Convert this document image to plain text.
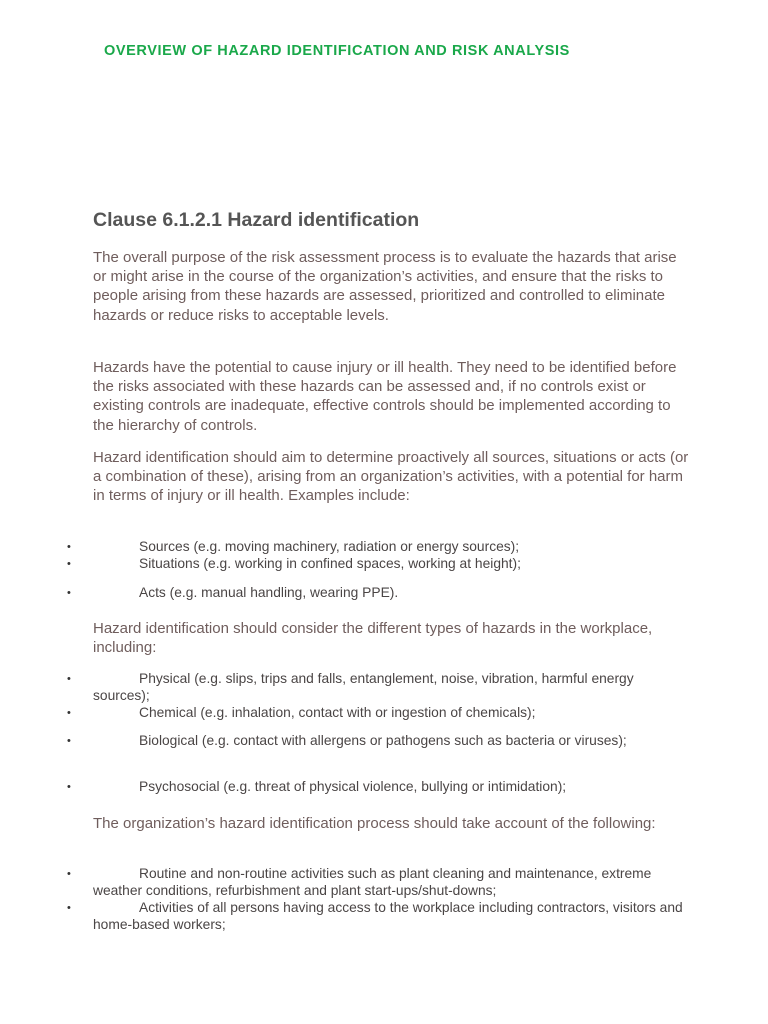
OVERVIEW OF HAZARD IDENTIFICATION AND RISK ANALYSIS
Clause 6.1.2.1 Hazard identification

The overall purpose of the risk assessment process is to evaluate the hazards that arise or might arise in the course of the organization’s activities, and ensure that the risks to people arising from these hazards are assessed, prioritized and controlled to eliminate hazards or reduce risks to acceptable levels.

Hazards have the potential to cause injury or ill health. They need to be identified before the risks associated with these hazards can be assessed and, if no controls exist or existing controls are inadequate, effective controls should be implemented according to the hierarchy of controls.

Hazard identification should aim to determine proactively all sources, situations or acts (or a combination of these), arising from an organization’s activities, with a potential for harm in terms of injury or ill health. Examples include:

•	Sources (e.g. moving machinery, radiation or energy sources);
•	Situations (e.g. working in confined spaces, working at height);
•	Acts (e.g. manual handling, wearing PPE).

Hazard identification should consider the different types of hazards in the workplace, including:

•	Physical (e.g. slips, trips and falls, entanglement, noise, vibration, harmful energy sources);
•	Chemical (e.g. inhalation, contact with or ingestion of chemicals);
•	Biological (e.g. contact with allergens or pathogens such as bacteria or viruses);
•	Psychosocial (e.g. threat of physical violence, bullying or intimidation);

The organization’s hazard identification process should take account of the following:

•	Routine and non-routine activities such as plant cleaning and maintenance, extreme weather conditions, refurbishment and plant start-ups/shut-downs;
•	Activities of all persons having access to the workplace including contractors, visitors and home-based workers;
